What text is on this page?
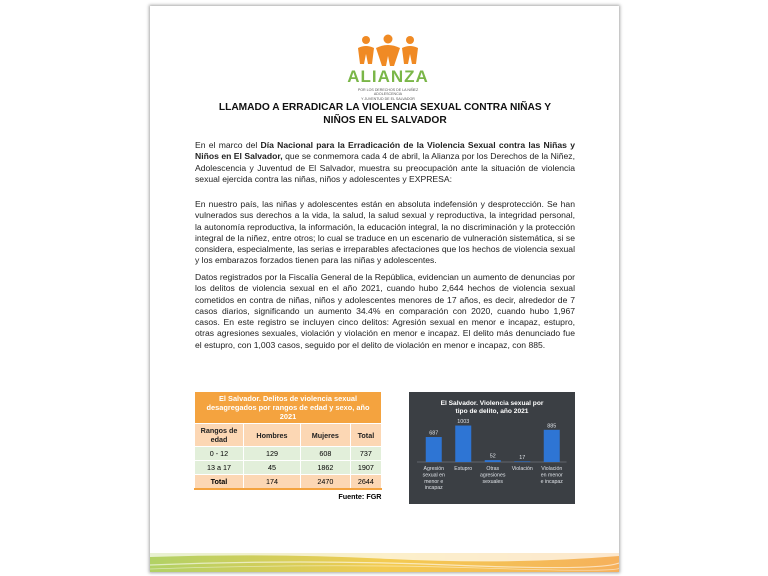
ALIANZA
POR LOS DERECHOS DE LA NIÑEZ ADOLESCENCIA
Y JUVENTUD DE EL SALVADOR
LLAMADO A ERRADICAR LA VIOLENCIA SEXUAL CONTRA NIÑAS Y
NIÑOS EN EL SALVADOR

En el marco del Día Nacional para la Erradicación de la Violencia Sexual contra las Niñas y Niños en El Salvador, que se conmemora cada 4 de abril, la Alianza por los Derechos de la Niñez, Adolescencia y Juventud de El Salvador, muestra su preocupación ante la situación de violencia sexual ejercida contra las niñas, niños y adolescentes y EXPRESA:

En nuestro país, las niñas y adolescentes están en absoluta indefensión y desprotección. Se han vulnerados sus derechos a la vida, la salud, la salud sexual y reproductiva, la integridad personal, la autonomía reproductiva, la información, la educación integral, la no discriminación y la protección integral de la niñez, entre otros; lo cual se traduce en un escenario de vulneración sistemática, si se considera, especialmente, las serias e irreparables afectaciones que los hechos de violencia sexual y los embarazos forzados tienen para las niñas y adolescentes.

Datos registrados por la Fiscalía General de la República, evidencian un aumento de denuncias por los delitos de violencia sexual en el año 2021, cuando hubo 2,644 hechos de violencia sexual cometidos en contra de niñas, niños y adolescentes menores de 17 años, es decir, alrededor de 7 casos diarios, significando un aumento 34.4% en comparación con 2020, cuando hubo 1,967 casos. En este registro se incluyen cinco delitos: Agresión sexual en menor e incapaz, estupro, otras agresiones sexuales, violación y violación en menor e incapaz. El delito más denunciado fue el estupro, con 1,003 casos, seguido por el delito de violación en menor e incapaz, con 885.

El Salvador. Delitos de violencia sexual desagregados por rangos de edad y sexo, año 2021			
Rangos de edad	Hombres	Mujeres	Total
0 - 12	129	608	737
13 a 17	45	1862	1907
Total	174	2470	2644
Fuente: FGR			
El Salvador. Violencia sexual por
tipo de delito, año 2021
687
Agresión sexual en menor e incapaz
1003
Estupro
52
Otras agresiones sexuales
17
Violación
885
Violación en menor e incapaz
